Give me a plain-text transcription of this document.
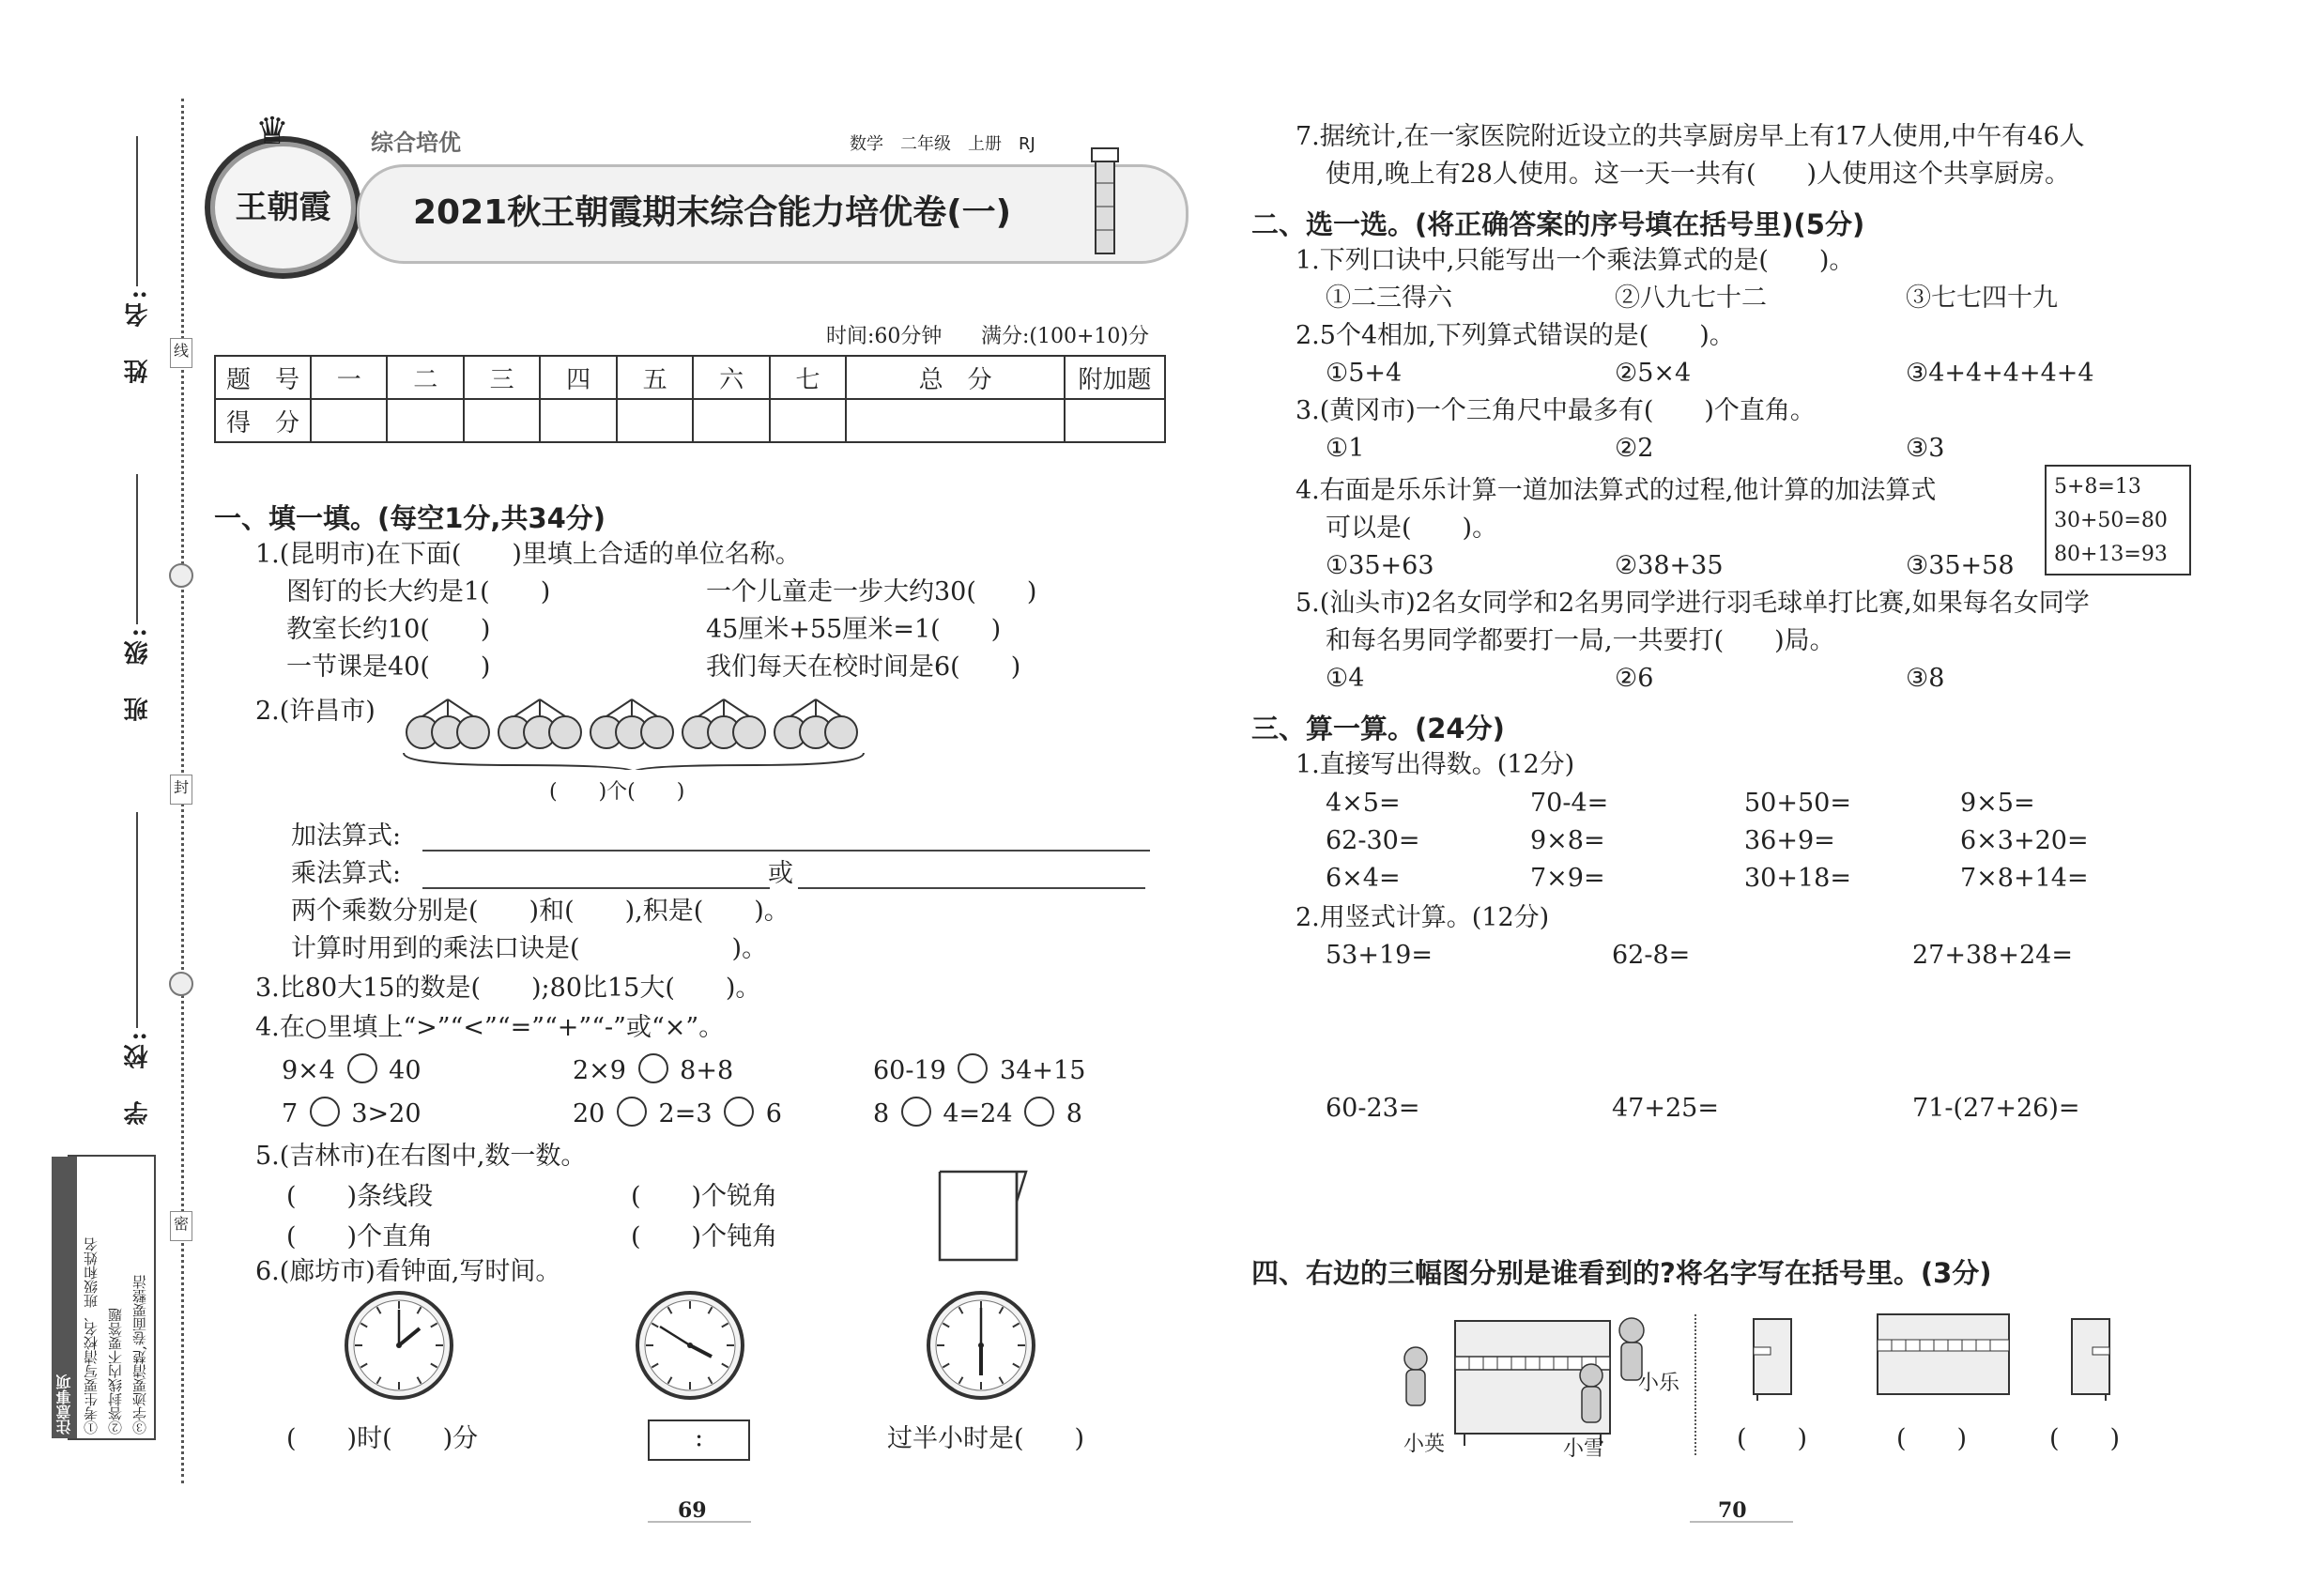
线
封
密
姓　名:
班　级:
学　校:
①考生要写清校名、班级和姓名 ②答封线内不要答题 ③字迹要清楚,卷面要整洁
注意事项
王朝霞
♛	综合培优	数学　二年级　上册　RJ
2021秋王朝霞期末综合能力培优卷(一)
时间:60分钟 满分:(100+10)分
题　号	一	二	三	四	五	六	七	总　分	附加题
得　分									
一、填一填。(每空1分,共34分)
1.(昆明市)在下面(　　)里填上合适的单位名称。
图钉的长大约是1(　　)	一个儿童走一步大约30(　　)
教室长约10(　　)	45厘米+55厘米=1(　　)
一节课是40(　　)	我们每天在校时间是6(　　)
2.(许昌市)
(　　)个(　　)
加法算式:
乘法算式:	或
两个乘数分别是(　　)和(　　),积是(　　)。
计算时用到的乘法口诀是(　　　　　　)。
3.比80大15的数是(　　);80比15大(　　)。
4.在○里填上“>”“<”“=”“+”“-”或“×”。
9×4 40	2×9 8+8	60-19 34+15
7 3>20	20 2=3 6	8 4=24 8
5.(吉林市)在右图中,数一数。
(　　)条线段	(　　)个锐角
(　　)个直角	(　　)个钝角
6.(廊坊市)看钟面,写时间。
(　　)时(　　)分	:	过半小时是(　　)
69
7.据统计,在一家医院附近设立的共享厨房早上有17人使用,中午有46人
使用,晚上有28人使用。这一天一共有(　　)人使用这个共享厨房。
二、选一选。(将正确答案的序号填在括号里)(5分)
1.下列口诀中,只能写出一个乘法算式的是(　　)。
①二三得六	②八九七十二	③七七四十九
2.5个4相加,下列算式错误的是(　　)。
①5+4	②5×4	③4+4+4+4+4
3.(黄冈市)一个三角尺中最多有(　　)个直角。
①1	②2	③3
4.右面是乐乐计算一道加法算式的过程,他计算的加法算式
可以是(　　)。
①35+63	②38+35	③35+58
5+8=13
30+50=80
80+13=93
5.(汕头市)2名女同学和2名男同学进行羽毛球单打比赛,如果每名女同学
和每名男同学都要打一局,一共要打(　　)局。
①4	②6	③8
三、算一算。(24分)
1.直接写出得数。(12分)
4×5=	70-4=	50+50=	9×5=
62-30=	9×8=	36+9=	6×3+20=
6×4=	7×9=	30+18=	7×8+14=
2.用竖式计算。(12分)
53+19=	62-8=	27+38+24=
60-23=	47+25=	71-(27+26)=
四、右边的三幅图分别是谁看到的?将名字写在括号里。(3分)
小乐
小英	小雪	(　　)	(　　)	(　　)
70
